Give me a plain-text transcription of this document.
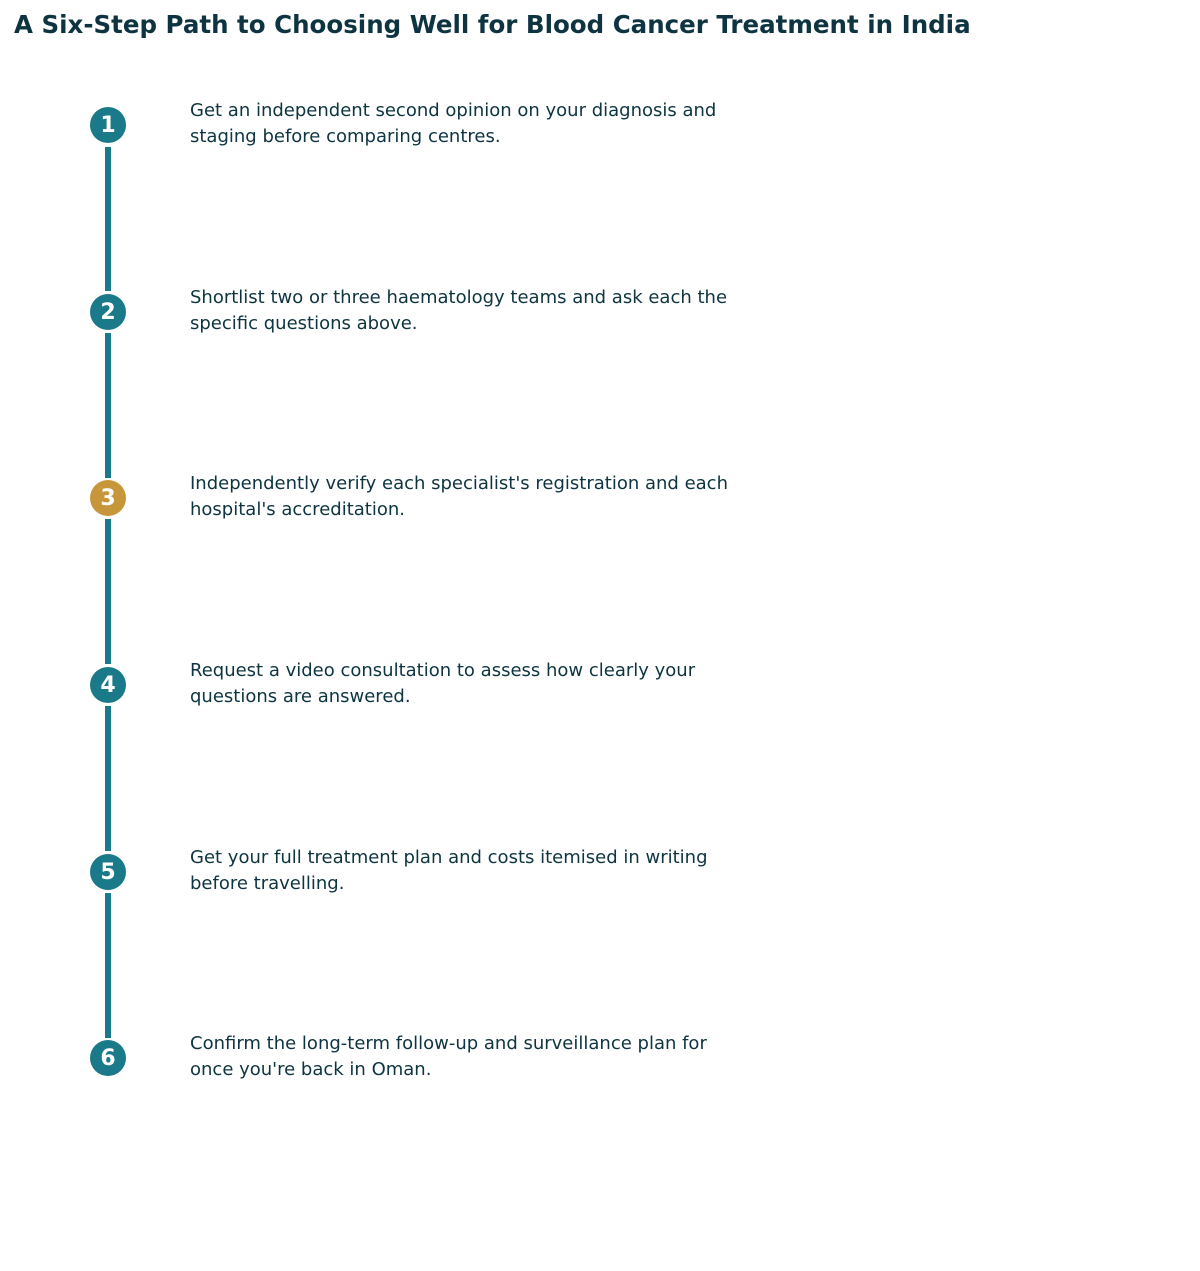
A Six-Step Path to Choosing Well for Blood Cancer Treatment in India
1

Get an independent second opinion on your diagnosis and staging before comparing centres.

2

Shortlist two or three haematology teams and ask each the specific questions above.

3

Independently verify each specialist's registration and each hospital's accreditation.

4

Request a video consultation to assess how clearly your questions are answered.

5

Get your full treatment plan and costs itemised in writing before travelling.

6

Confirm the long-term follow-up and surveillance plan for once you're back in Oman.
